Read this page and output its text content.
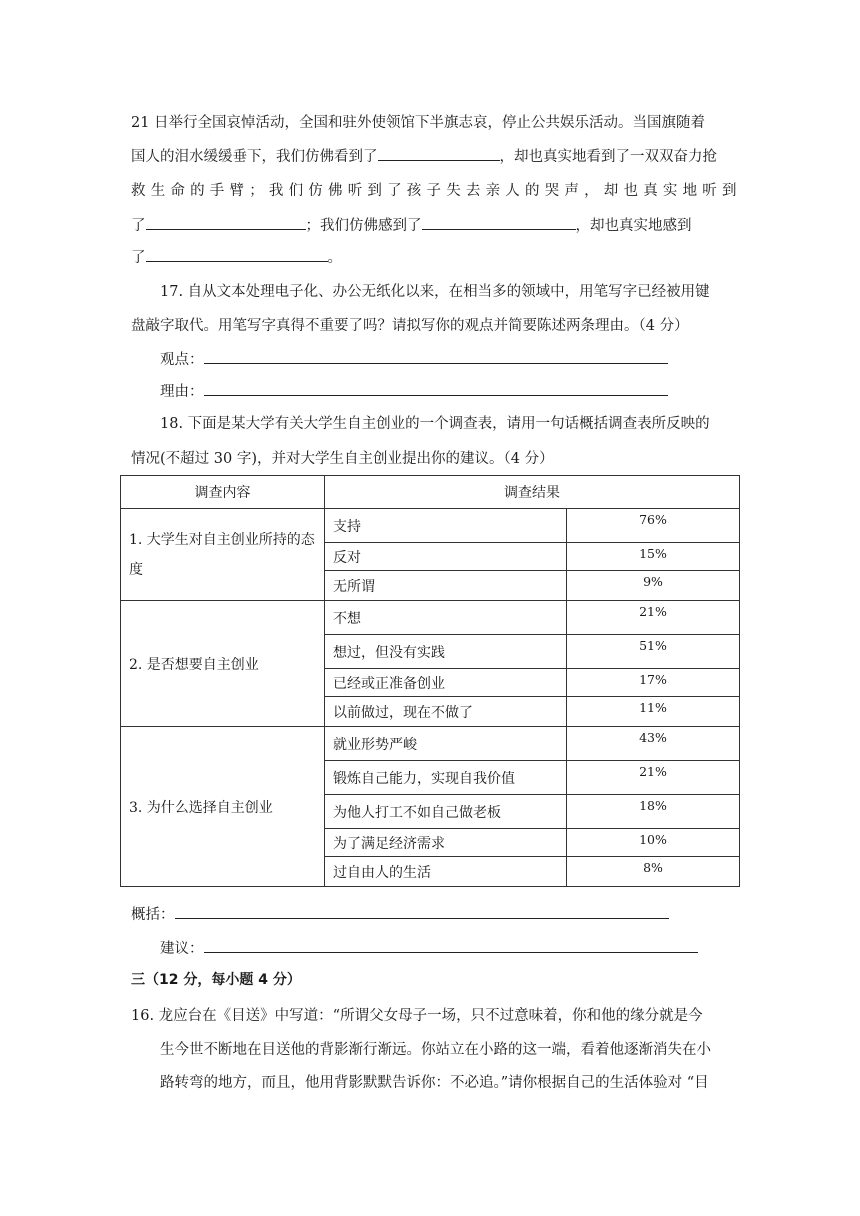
21 日举行全国哀悼活动，全国和驻外使领馆下半旗志哀，停止公共娱乐活动。当国旗随着
国人的泪水缓缓垂下，我们仿佛看到了	，却也真实地看到了一双双奋力抢
救生命的手臂；我们仿佛听到了孩子失去亲人的哭声，却也真实地听到
了	；我们仿佛感到了	，却也真实地感到
了	。
17. 自从文本处理电子化、办公无纸化以来，在相当多的领域中，用笔写字已经被用键
盘敲字取代。用笔写字真得不重要了吗？请拟写你的观点并简要陈述两条理由。（4 分）
观点：
理由：
18. 下面是某大学有关大学生自主创业的一个调查表，请用一句话概括调查表所反映的
情况(不超过 30 字)，并对大学生自主创业提出你的建议。（4 分）
调查内容	调查结果	
1. 大学生对自主创业所持的态度	支持	76%
	反对	15%
	无所谓	9%
2. 是否想要自主创业	不想	21%
	想过，但没有实践	51%
	已经或正准备创业	17%
	以前做过，现在不做了	11%
3. 为什么选择自主创业	就业形势严峻	43%
	锻炼自己能力，实现自我价值	21%
	为他人打工不如自己做老板	18%
	为了满足经济需求	10%
	过自由人的生活	8%
概括：
建议：
三（12 分，每小题 4 分）
16. 龙应台在《目送》中写道：“所谓父女母子一场，只不过意味着，你和他的缘分就是今
生今世不断地在目送他的背影渐行渐远。你站立在小路的这一端，看着他逐渐消失在小
路转弯的地方，而且，他用背影默默告诉你：不必追。”请你根据自己的生活体验对 “目
